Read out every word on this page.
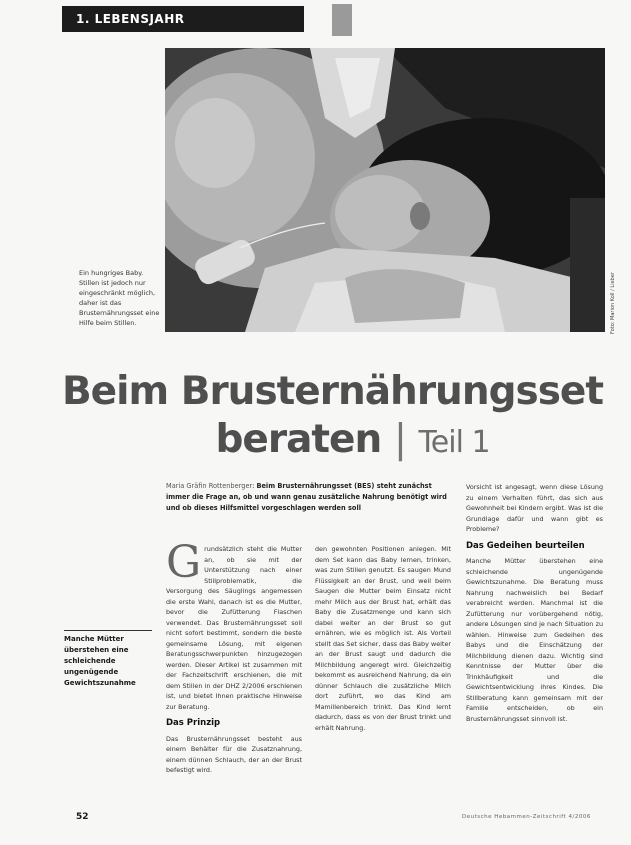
1. LEBENSJAHR
Ein hungriges Baby. Stillen ist jedoch nur eingeschränkt möglich, daher ist das Brusternährungsset eine Hilfe beim Stillen.	Foto: Marion Koll / Lieber
Beim Brusternährungsset
beraten | Teil 1
Maria Gräfin Rottenberger: Beim Brusternährungsset (BES) steht zunächst immer die Frage an, ob und wann genau zusätzliche Nahrung benötigt wird und ob dieses Hilfsmittel vorgeschlagen werden soll
Manche Mütter überstehen eine schleichende ungenügende Gewichtszunahme
G rundsätzlich steht die Mutter an, ob sie mit der Unterstützung nach einer Stillproblematik, die Versorgung des Säuglings angemessen die erste Wahl, danach ist es die Mutter, bevor die Zufütterung Flaschen verwendet. Das Brusternährungsset soll nicht sofort bestimmt, sondern die beste gemeinsame Lösung, mit eigenen Beratungsschwerpunkten hinzugezogen werden. Dieser Artikel ist zusammen mit der Fachzeitschrift erschienen, die mit dem Stillen in der DHZ 2/2006 erschienen ist, und bietet Ihnen praktische Hinweise zur Beratung.

Das Prinzip

Das Brusternährungsset besteht aus einem Behälter für die Zusatznahrung, einem dünnen Schlauch, der an der Brust befestigt wird.

den gewohnten Positionen anlegen. Mit dem Set kann das Baby lernen, trinken, was zum Stillen genutzt. Es saugen Mund Flüssigkeit an der Brust, und weil beim Saugen die Mutter beim Einsatz nicht mehr Milch aus der Brust hat, erhält das Baby die Zusatzmenge und kann sich dabei weiter an der Brust so gut ernähren, wie es möglich ist. Als Vorteil stellt das Set sicher, dass das Baby weiter an der Brust saugt und dadurch die Milchbildung angeregt wird. Gleichzeitig bekommt es ausreichend Nahrung, da ein dünner Schlauch die zusätzliche Milch dort zuführt, wo das Kind am Mamillenbereich trinkt. Das Kind lernt dadurch, dass es von der Brust trinkt und erhält Nahrung.

Vorsicht ist angesagt, wenn diese Lösung zu einem Verhalten führt, das sich aus Gewohnheit bei Kindern ergibt. Was ist die Grundlage dafür und wann gibt es Probleme?

Das Gedeihen beurteilen

Manche Mütter überstehen eine schleichende ungenügende Gewichtszunahme. Die Beratung muss Nahrung nachweislich bei Bedarf verabreicht werden. Manchmal ist die Zufütterung nur vorübergehend nötig, andere Lösungen sind je nach Situation zu wählen. Hinweise zum Gedeihen des Babys und die Einschätzung der Milchbildung dienen dazu. Wichtig sind Kenntnisse der Mutter über die Trinkhäufigkeit und die Gewichtsentwicklung ihres Kindes. Die Stillberatung kann gemeinsam mit der Familie entscheiden, ob ein Brusternährungsset sinnvoll ist.

52	Deutsche Hebammen-Zeitschrift 4/2006
